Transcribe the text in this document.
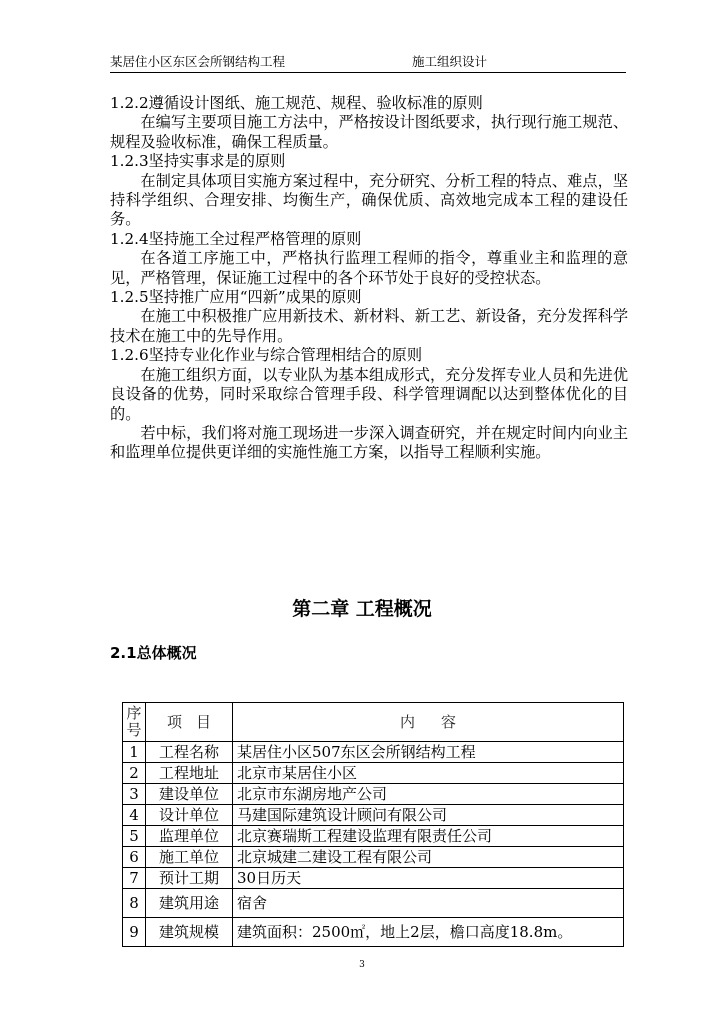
某居住小区东区会所钢结构工程	施工组织设计

1.2.2遵循设计图纸、施工规范、规程、验收标准的原则

在编写主要项目施工方法中，严格按设计图纸要求，执行现行施工规范、规程及验收标准，确保工程质量。

1.2.3坚持实事求是的原则

在制定具体项目实施方案过程中，充分研究、分析工程的特点、难点，坚持科学组织、合理安排、均衡生产，确保优质、高效地完成本工程的建设任务。

1.2.4坚持施工全过程严格管理的原则

在各道工序施工中，严格执行监理工程师的指令，尊重业主和监理的意见，严格管理，保证施工过程中的各个环节处于良好的受控状态。

1.2.5坚持推广应用“四新”成果的原则

在施工中积极推广应用新技术、新材料、新工艺、新设备，充分发挥科学技术在施工中的先导作用。

1.2.6坚持专业化作业与综合管理相结合的原则

在施工组织方面，以专业队为基本组成形式，充分发挥专业人员和先进优良设备的优势，同时采取综合管理手段、科学管理调配以达到整体优化的目的。

若中标，我们将对施工现场进一步深入调查研究，并在规定时间内向业主和监理单位提供更详细的实施性施工方案，以指导工程顺利实施。

第二章 工程概况
2.1总体概况
序号	项目	内容
1	工程名称	某居住小区507东区会所钢结构工程
2	工程地址	北京市某居住小区
3	建设单位	北京市东湖房地产公司
4	设计单位	马建国际建筑设计顾问有限公司
5	监理单位	北京赛瑞斯工程建设监理有限责任公司
6	施工单位	北京城建二建设工程有限公司
7	预计工期	30日历天
8	建筑用途	宿舍
9	建筑规模	建筑面积：2500㎡，地上2层，檐口高度18.8m。
3
